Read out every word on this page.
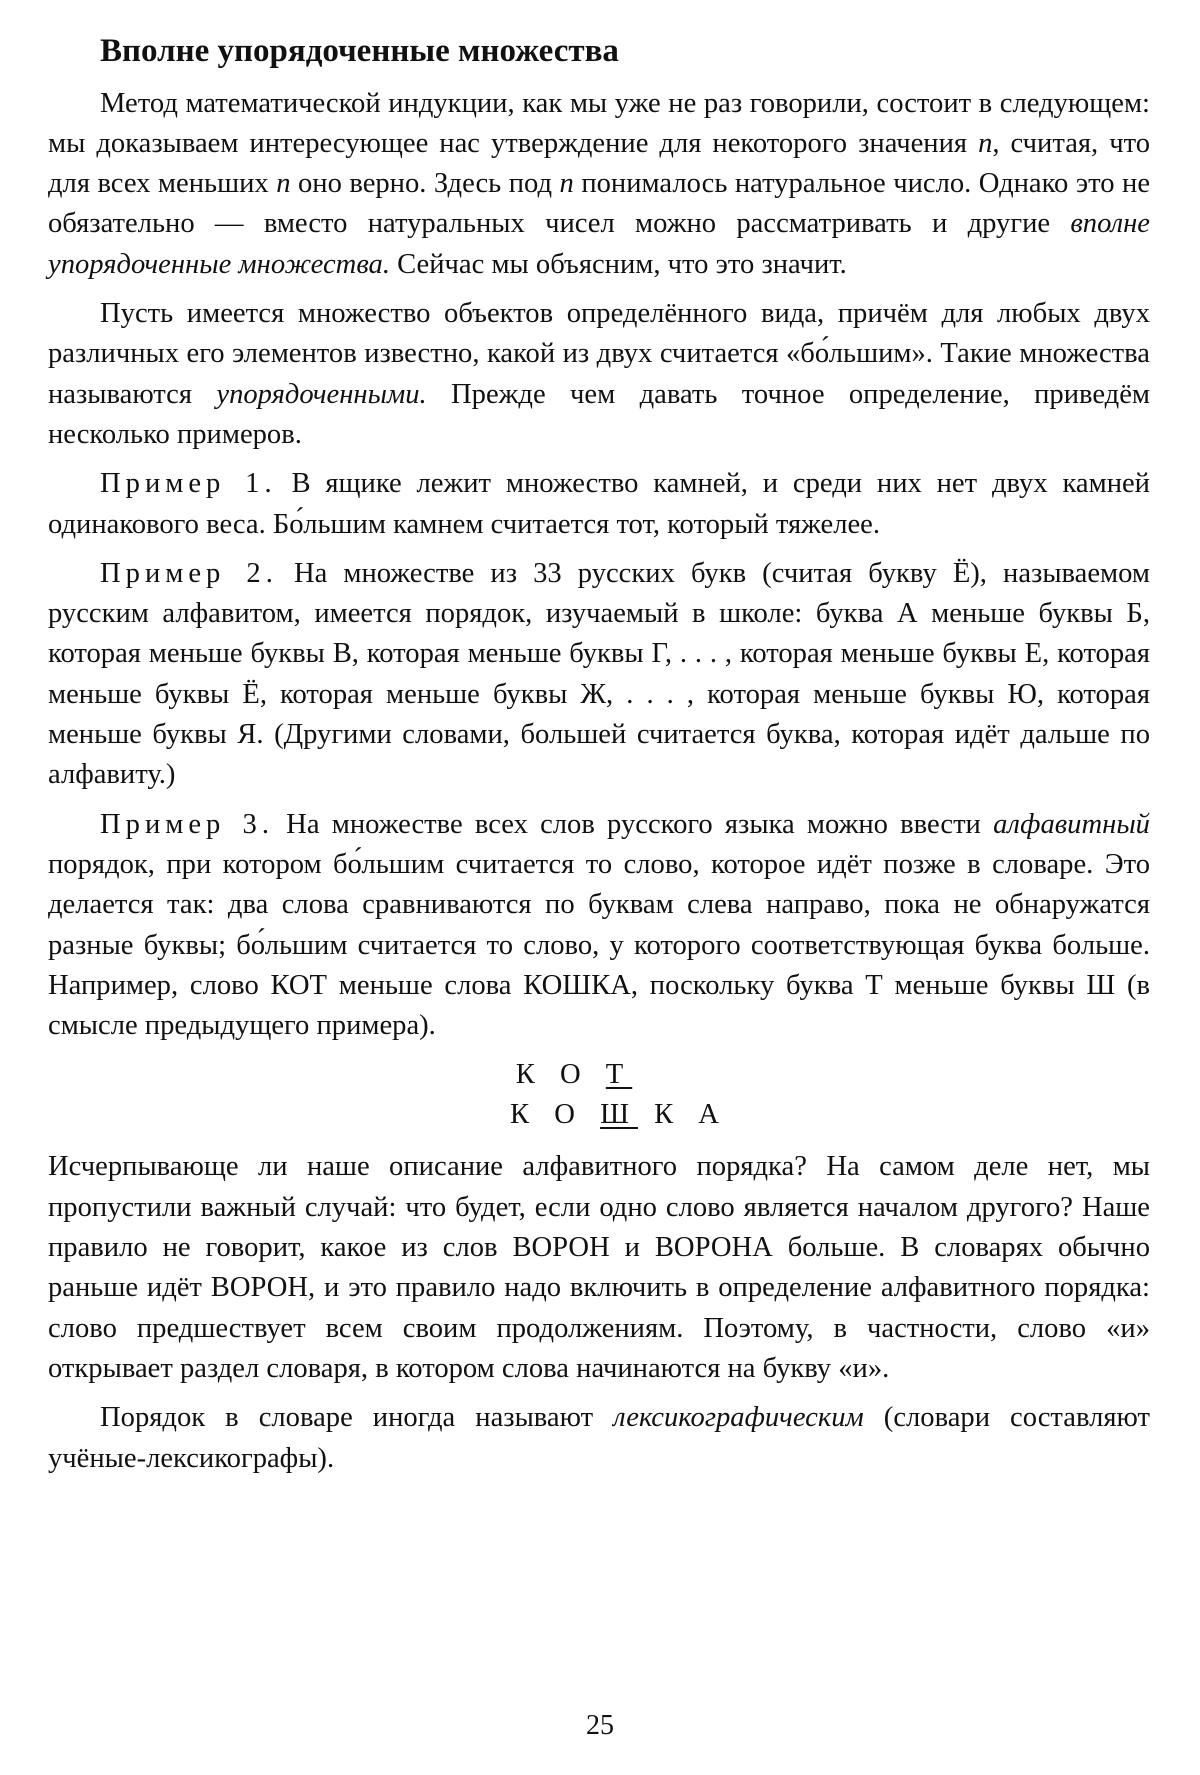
Вполне упорядоченные множества

Метод математической индукции, как мы уже не раз говорили, состоит в следующем: мы доказываем интересующее нас утверждение для некоторого значения n, считая, что для всех меньших n оно верно. Здесь под n понималось натуральное число. Однако это не обязательно — вместо натуральных чисел можно рассматривать и другие вполне упорядоченные множества. Сейчас мы объясним, что это значит.

Пусть имеется множество объектов определённого вида, причём для любых двух различных его элементов известно, какой из двух считается «бо́льшим». Такие множества называются упорядоченными. Прежде чем давать точное определение, приведём несколько примеров.

Пример 1. В ящике лежит множество камней, и среди них нет двух камней одинакового веса. Бо́льшим камнем считается тот, который тяжелее.

Пример 2. На множестве из 33 русских букв (считая букву Ё), называемом русским алфавитом, имеется порядок, изучаемый в школе: буква А меньше буквы Б, которая меньше буквы В, которая меньше буквы Г, . . . , которая меньше буквы Е, которая меньше буквы Ё, которая меньше буквы Ж, . . . , которая меньше буквы Ю, которая меньше буквы Я. (Другими словами, большей считается буква, которая идёт дальше по алфавиту.)

Пример 3. На множестве всех слов русского языка можно ввести алфавитный порядок, при котором бо́льшим считается то слово, которое идёт позже в словаре. Это делается так: два слова сравниваются по буквам слева направо, пока не обнаружатся разные буквы; бо́льшим считается то слово, у которого соответствующая буква больше. Например, слово КОТ меньше слова КОШКА, поскольку буква Т меньше буквы Ш (в смысле предыдущего примера).

К О Т
К О Ш К А

Исчерпывающе ли наше описание алфавитного порядка? На самом деле нет, мы пропустили важный случай: что будет, если одно слово является началом другого? Наше правило не говорит, какое из слов ВОРОН и ВОРОНА больше. В словарях обычно раньше идёт ВОРОН, и это правило надо включить в определение алфавитного порядка: слово предшествует всем своим продолжениям. Поэтому, в частности, слово «и» открывает раздел словаря, в котором слова начинаются на букву «и».

Порядок в словаре иногда называют лексикографическим (словари составляют учёные-лексикографы).

25
